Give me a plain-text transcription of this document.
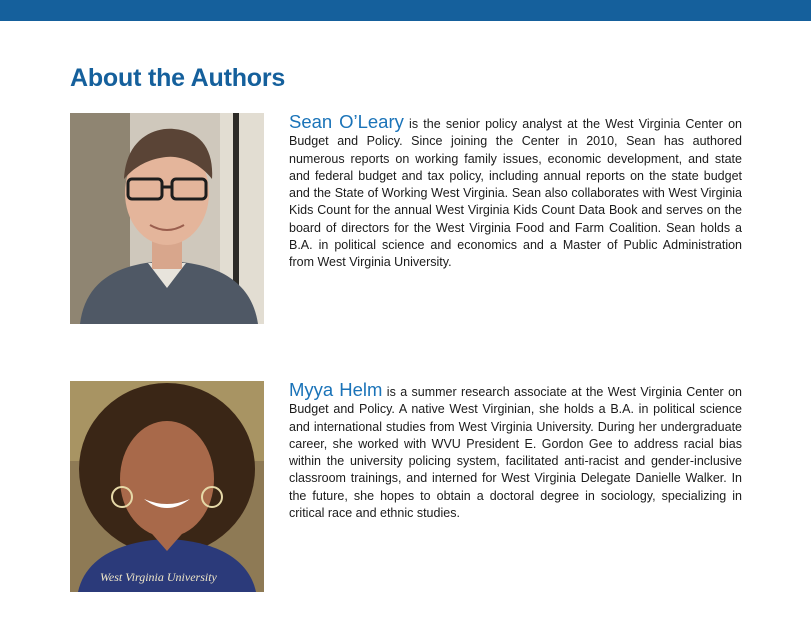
About the Authors

Sean O’Leary is the senior policy analyst at the West Virginia Center on Budget and Policy. Since joining the Center in 2010, Sean has authored numerous reports on working family issues, economic development, and state and federal budget and tax policy, including annual reports on the state budget and the State of Working West Virginia. Sean also collaborates with West Virginia Kids Count for the annual West Virginia Kids Count Data Book and serves on the board of directors for the West Virginia Food and Farm Coalition. Sean holds a B.A. in political science and economics and a Master of Public Administration from West Virginia University.

West Virginia University

Myya Helm is a summer research associate at the West Virginia Center on Budget and Policy. A native West Virginian, she holds a B.A. in political science and international studies from West Virginia University. During her undergraduate career, she worked with WVU President E. Gordon Gee to address racial bias within the university policing system, facilitated anti-racist and gender-inclusive classroom trainings, and interned for West Virginia Delegate Danielle Walker. In the future, she hopes to obtain a doctoral degree in sociology, specializing in critical race and ethnic studies.
